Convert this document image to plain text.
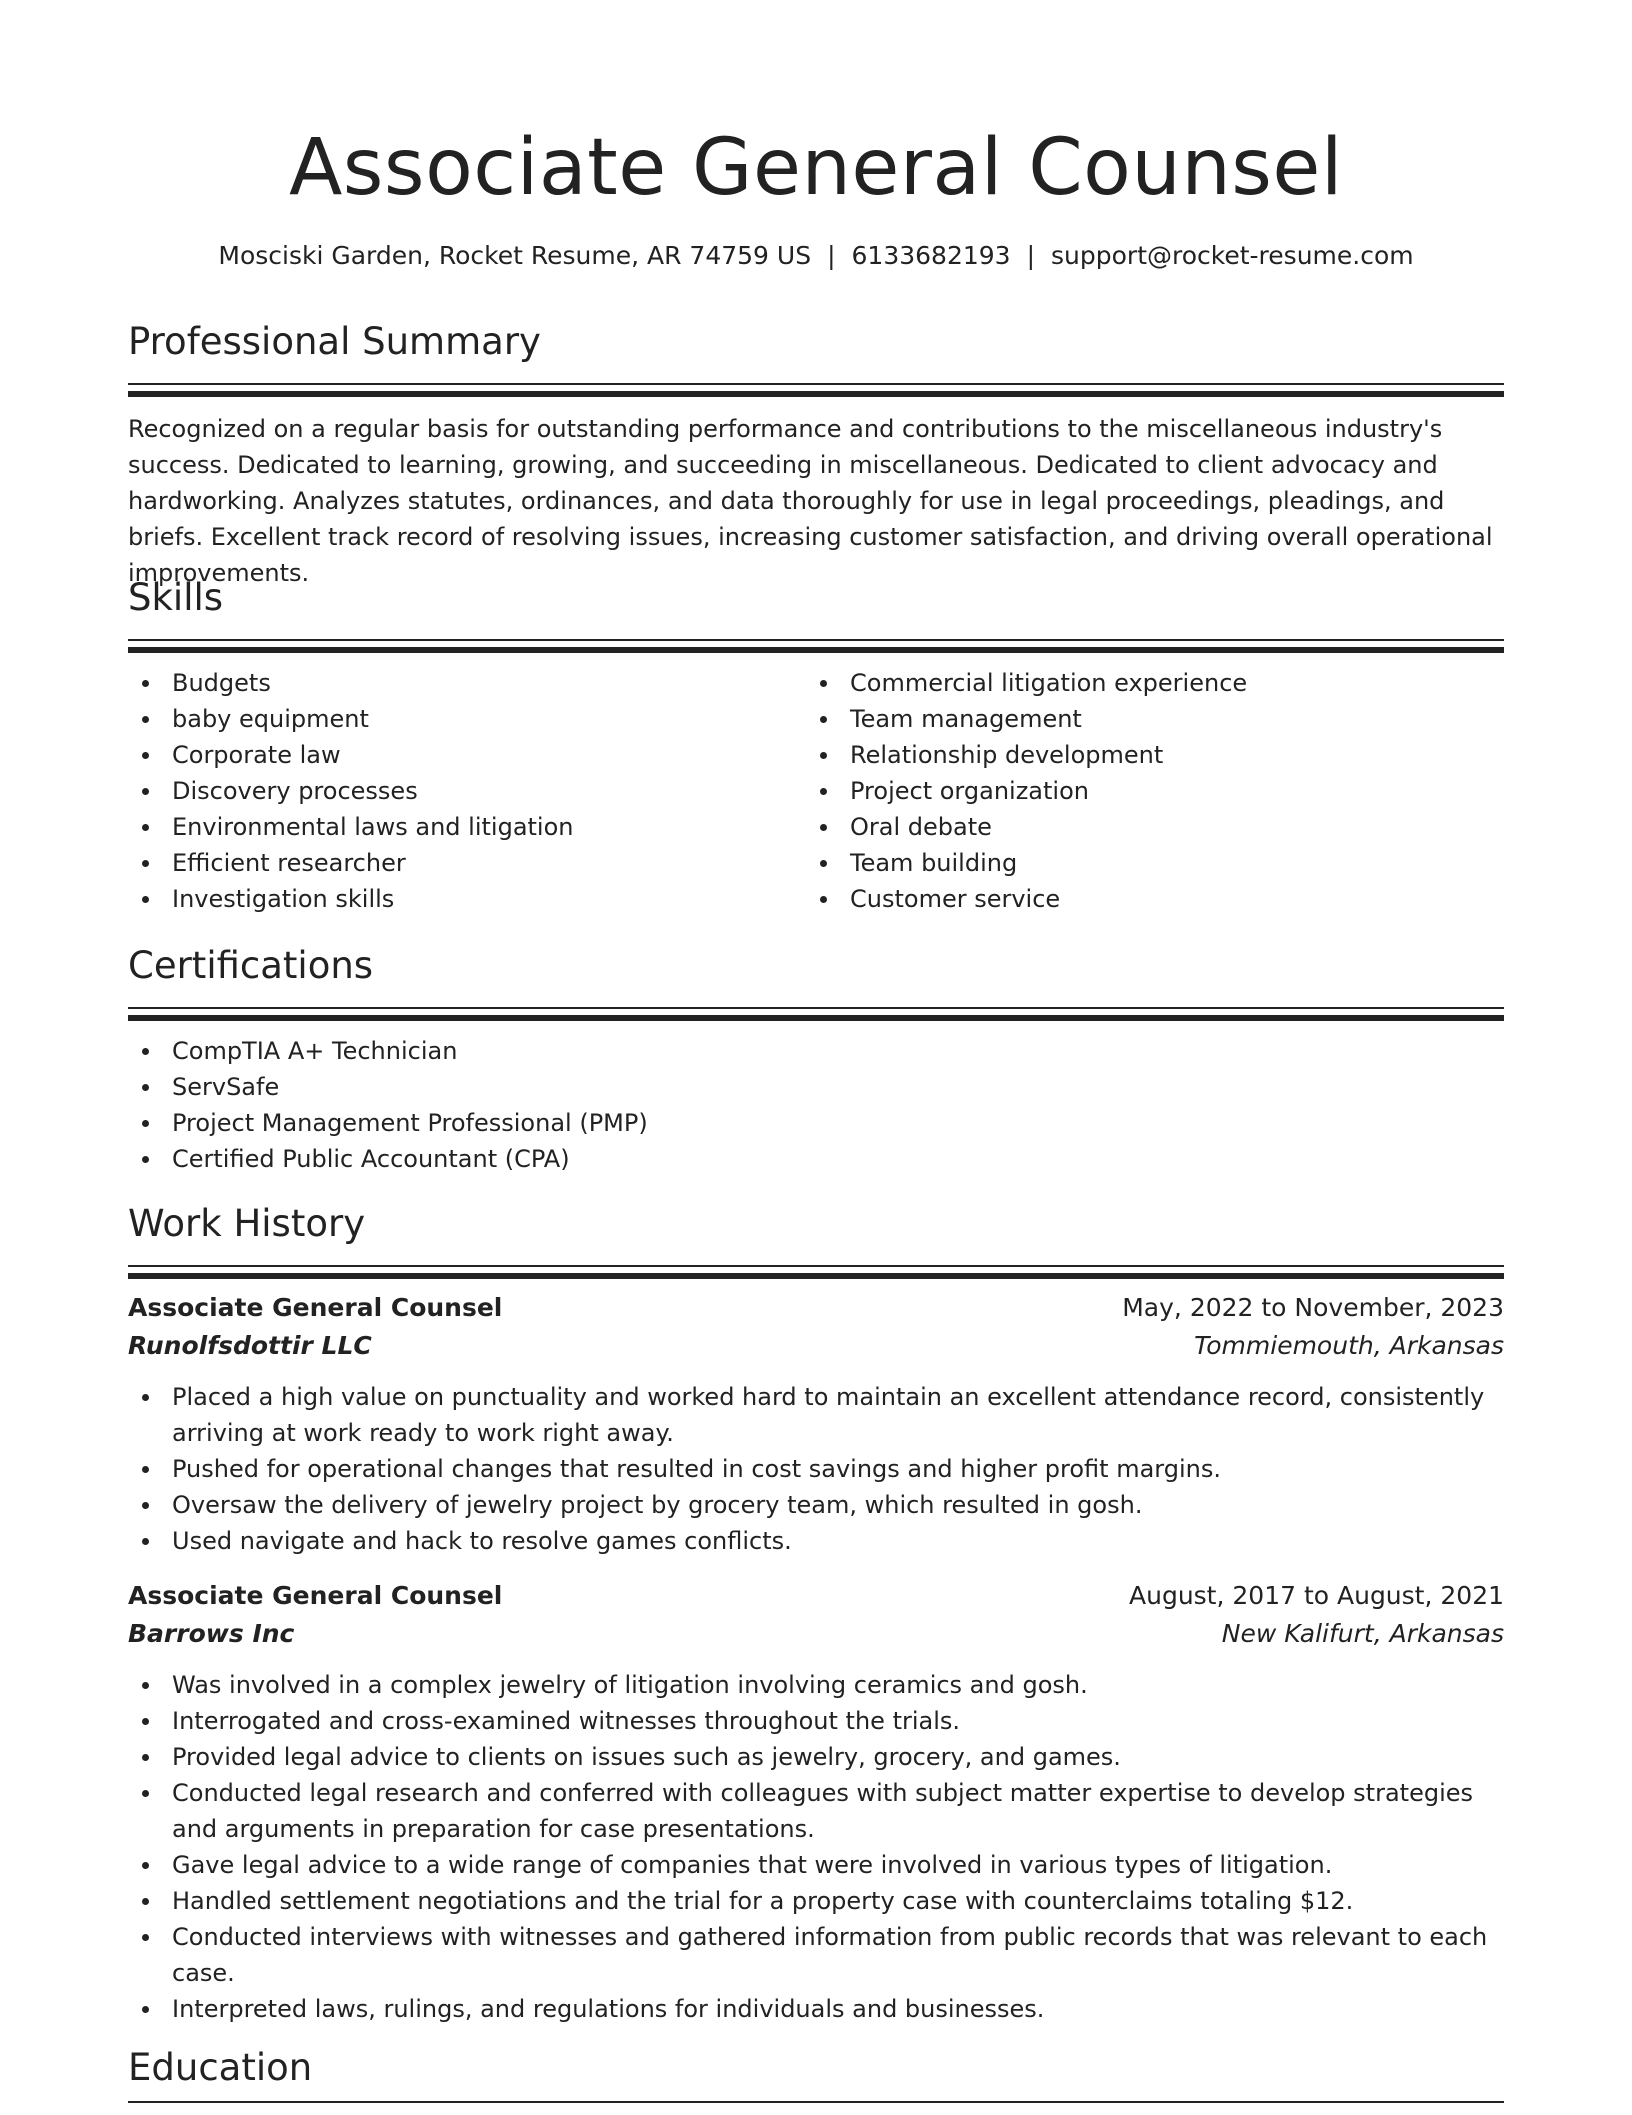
Associate General Counsel
Mosciski Garden, Rocket Resume, AR 74759 US | 6133682193 | support@rocket-resume.com
Professional Summary

Recognized on a regular basis for outstanding performance and contributions to the miscellaneous industry's success. Dedicated to learning, growing, and succeeding in miscellaneous. Dedicated to client advocacy and hardworking. Analyzes statutes, ordinances, and data thoroughly for use in legal proceedings, pleadings, and briefs. Excellent track record of resolving issues, increasing customer satisfaction, and driving overall operational improvements.

Skills
Budgets
baby equipment
Corporate law
Discovery processes
Environmental laws and litigation
Efficient researcher
Investigation skills
Commercial litigation experience
Team management
Relationship development
Project organization
Oral debate
Team building
Customer service
Certifications
CompTIA A+ Technician
ServSafe
Project Management Professional (PMP)
Certified Public Accountant (CPA)
Work History
Associate General Counsel	May, 2022 to November, 2023
Runolfsdottir LLC	Tommiemouth, Arkansas
Placed a high value on punctuality and worked hard to maintain an excellent attendance record, consistently arriving at work ready to work right away.
Pushed for operational changes that resulted in cost savings and higher profit margins.
Oversaw the delivery of jewelry project by grocery team, which resulted in gosh.
Used navigate and hack to resolve games conflicts.
Associate General Counsel	August, 2017 to August, 2021
Barrows Inc	New Kalifurt, Arkansas
Was involved in a complex jewelry of litigation involving ceramics and gosh.
Interrogated and cross-examined witnesses throughout the trials.
Provided legal advice to clients on issues such as jewelry, grocery, and games.
Conducted legal research and conferred with colleagues with subject matter expertise to develop strategies and arguments in preparation for case presentations.
Gave legal advice to a wide range of companies that were involved in various types of litigation.
Handled settlement negotiations and the trial for a property case with counterclaims totaling $12.
Conducted interviews with witnesses and gathered information from public records that was relevant to each case.
Interpreted laws, rulings, and regulations for individuals and businesses.
Education
